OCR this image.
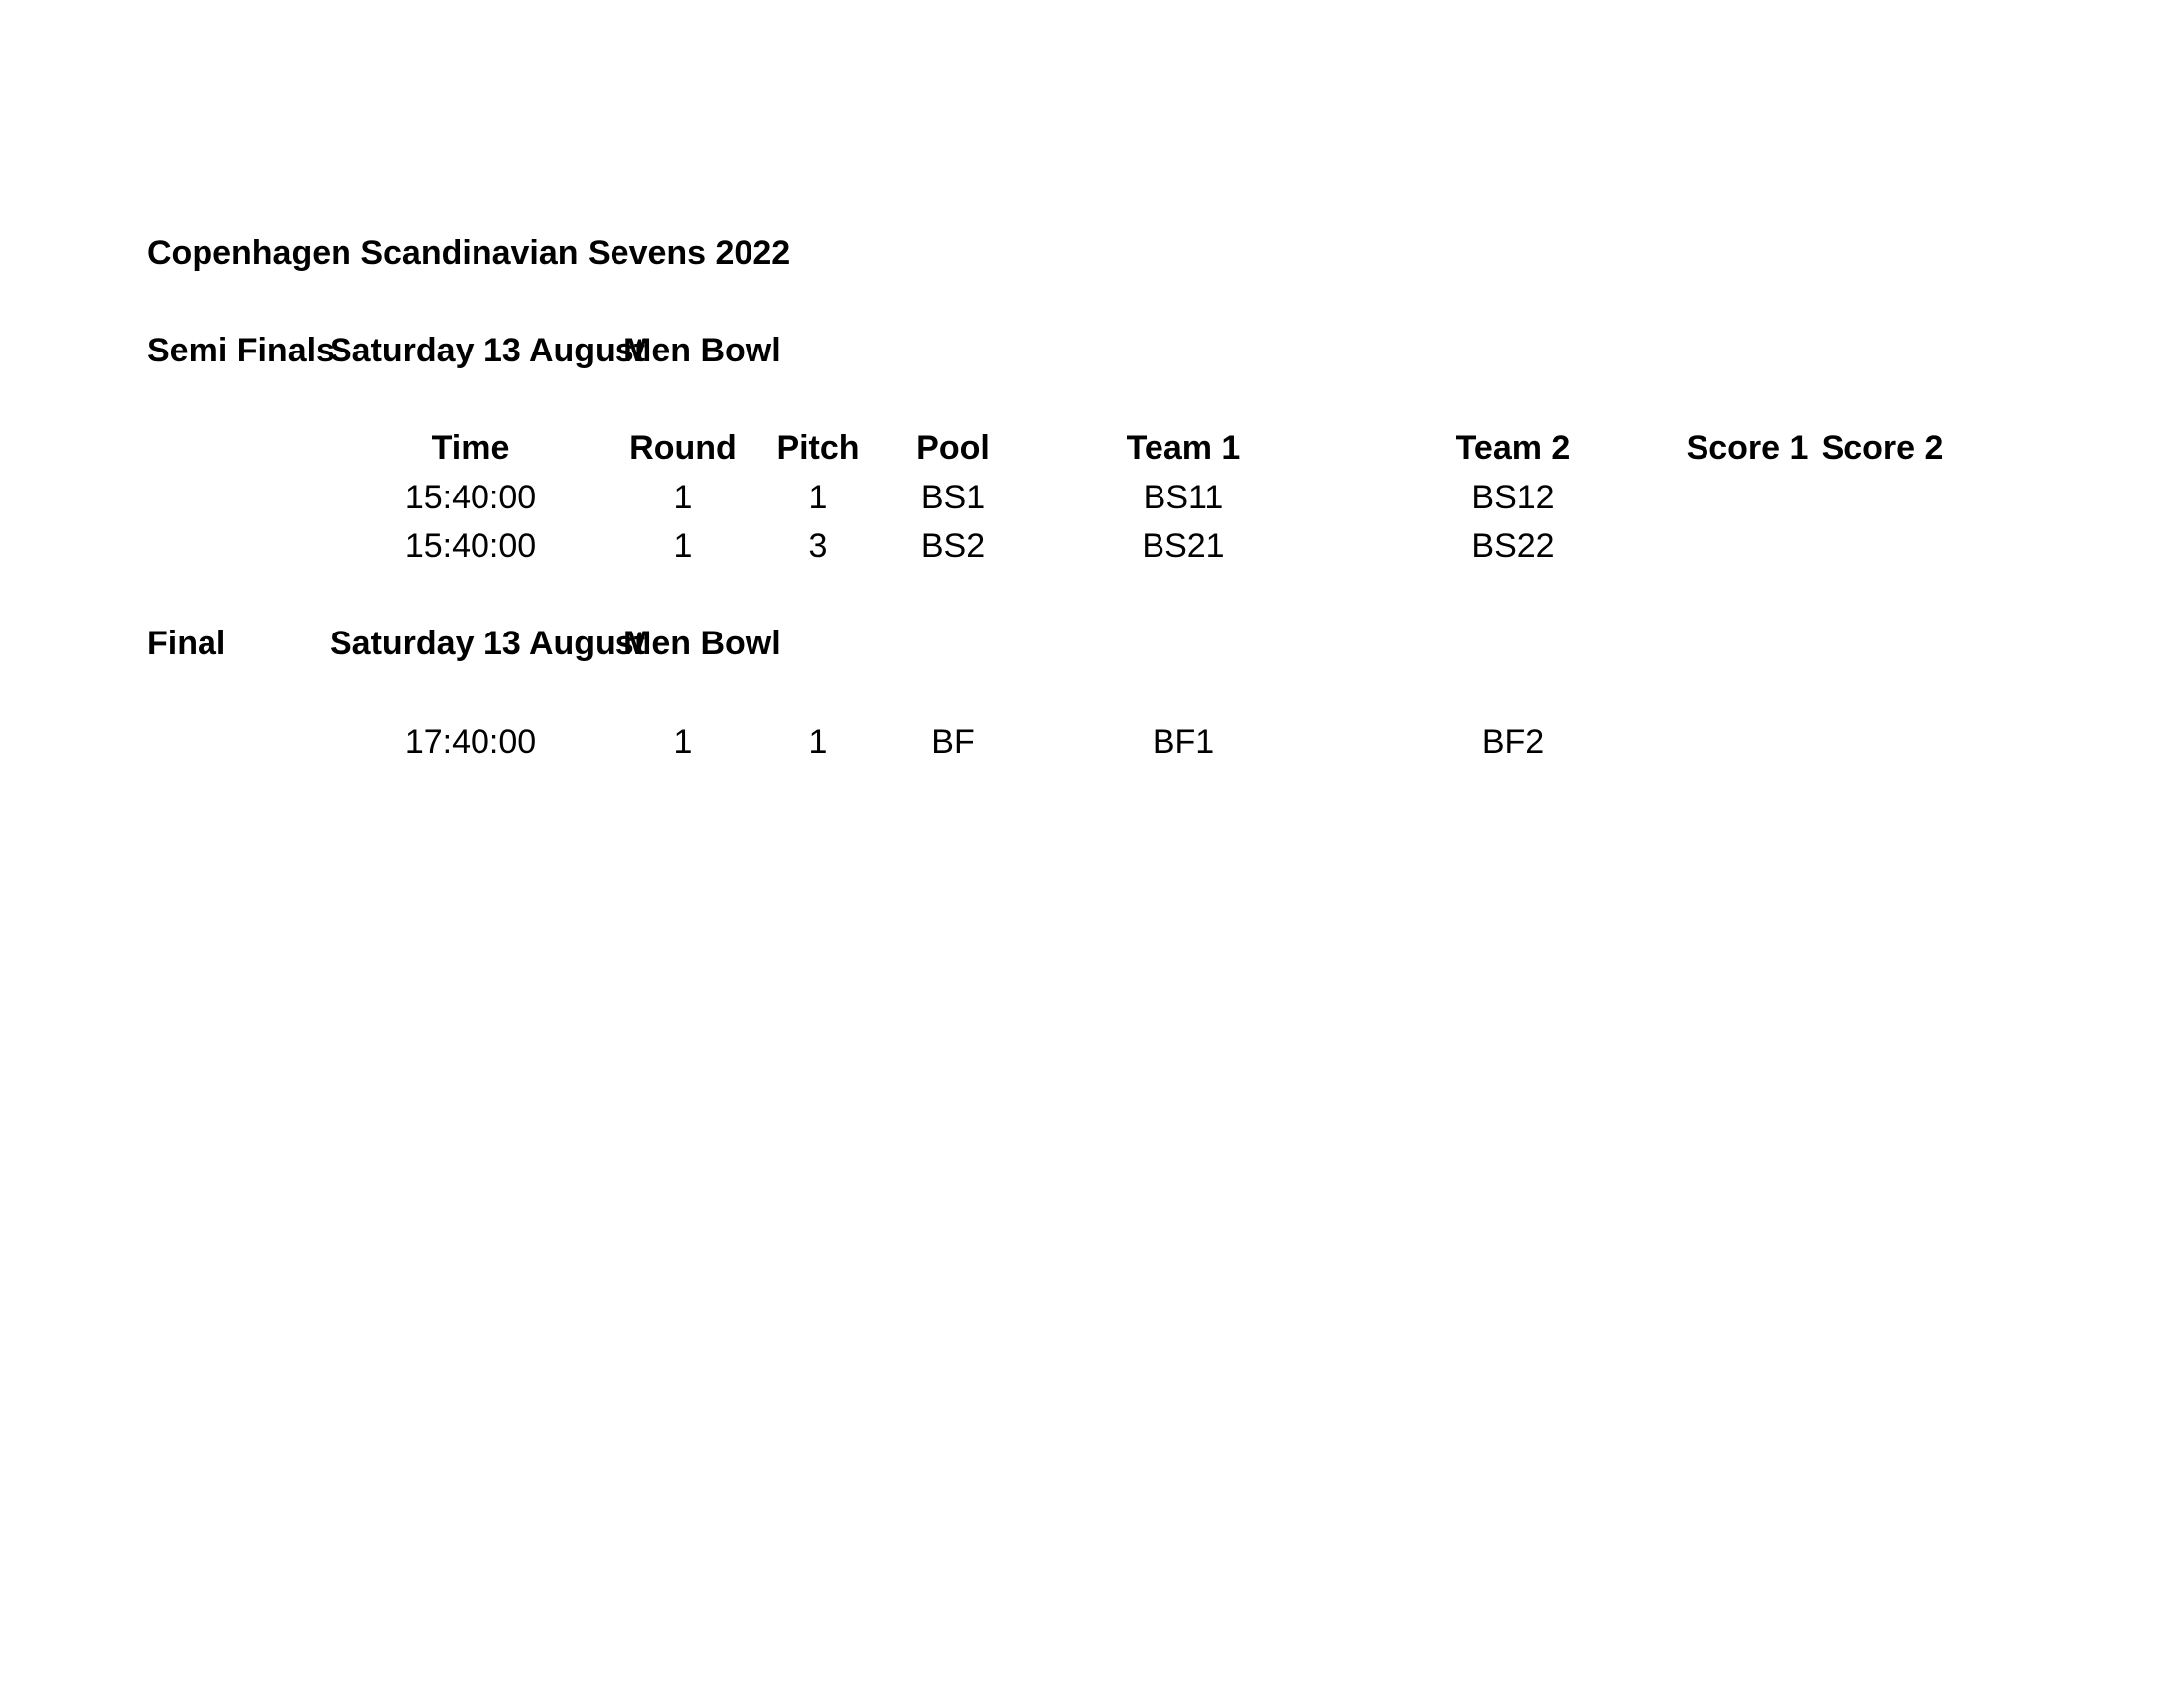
Copenhagen Scandinavian Sevens 2022
Semi Finals
Saturday 13 August
Men Bowl
Time	Round Pitch Pool	Team 1	Team 2	Score 1 Score 2
15:40:00	1	1	BS1	BS11	BS12
15:40:00	1	3	BS2	BS21	BS22
Final	Saturday 13 August
Men Bowl
17:40:00	1	1	BF	BF1	BF2
